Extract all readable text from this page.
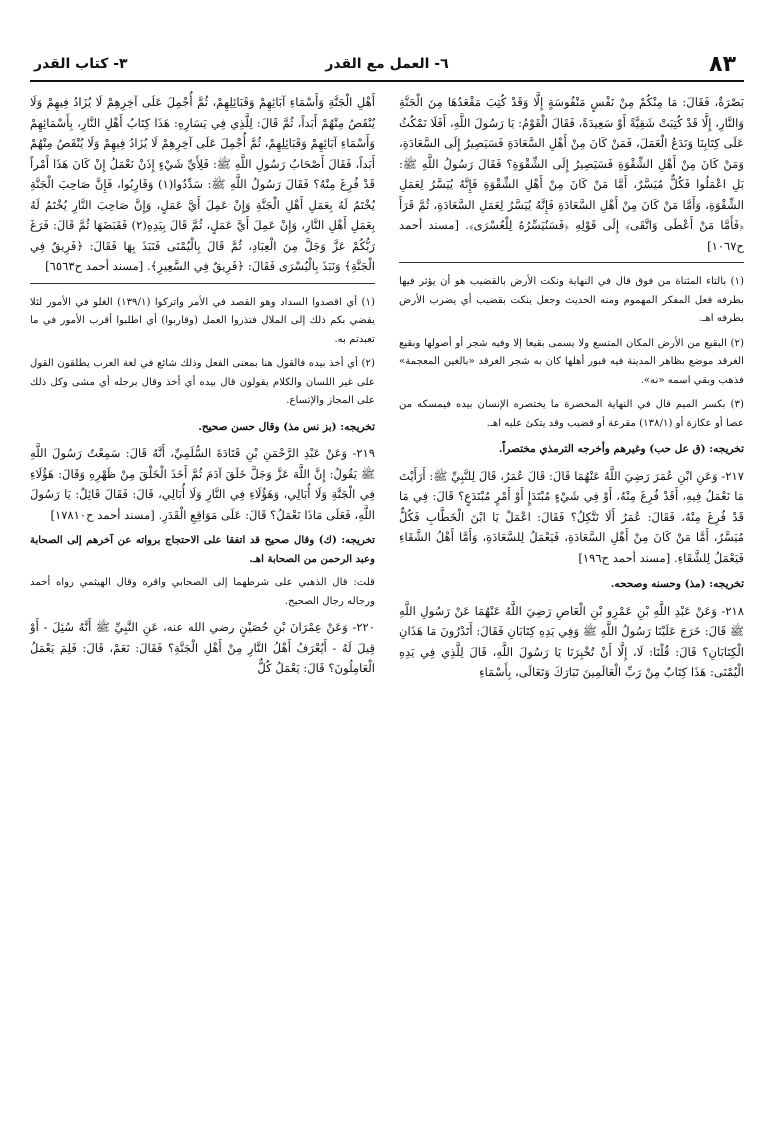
٨٣
٦- العمل مع القدر
٣- كتاب القدر

بَصْرَةٌ، فَقَالَ: مَا مِنْكُمْ مِنْ نَفْسٍ مَنْفُوسَةٍ إِلَّا وَقَدْ كُتِبَ مَقْعَدُهَا مِنَ الْجَنَّةِ وَالنَّارِ، إِلَّا قَدْ كُتِبَتْ شَقِيَّةً أَوْ سَعِيدَةً، فَقَالَ الْقَوْمُ: يَا رَسُولَ اللَّهِ، أَفَلَا نَمْكُثُ عَلَى كِتَابِنَا وَنَدَعُ الْعَمَلَ، فَمَنْ كَانَ مِنْ أَهْلِ السَّعَادَةِ فَسَيَصِيرُ إِلَى السَّعَادَةِ، وَمَنْ كَانَ مِنْ أَهْلِ الشِّقْوَةِ فَسَيَصِيرُ إِلَى الشِّقْوَةِ؟ فَقَالَ رَسُولُ اللَّهِ ﷺ: بَلِ اعْمَلُوا فَكُلٌّ مُيَسَّرٌ، أَمَّا مَنْ كَانَ مِنْ أَهْلِ الشِّقْوَةِ فَإِنَّهُ يُيَسَّرُ لِعَمَلِ الشِّقْوَةِ، وَأَمَّا مَنْ كَانَ مِنْ أَهْلِ السَّعَادَةِ فَإِنَّهُ يُيَسَّرُ لِعَمَلِ السَّعَادَةِ، ثُمَّ قَرَأَ ﴿فَأَمَّا مَنْ أَعْطَى وَاتَّقَى﴾ إِلَى قَوْلِهِ ﴿فَسَنُيَسِّرُهُ لِلْعُسْرَى﴾. [مسند أحمد ح١٠٦٧]

(١) بالتاء المثناة من فوق قال في النهاية ونكت الأرض بالقضيب هو أن يؤثر فيها بطرفه فعل المفكر المهموم ومنه الحديث وجعل ينكت بقضيب أي يضرب الأرض بطرفه اهـ.

(٢) البقيع من الأرض المكان المتسع ولا يسمى بقيعا إلا وفيه شجر أو أصولها وبقيع الغرقد موضع بظاهر المدينة فيه قبور أهلها كان به شجر الغرقد «بالغين المعجمة» فذهب وبقي اسمه «نه».

(٣) بكسر الميم قال في النهاية المخصرة ما يختصره الإنسان بيده فيمسكه من عصا أو عكازة أو (١٣٨/١) مقرعة أو قضيب وقد يتكئ عليه اهـ.

تخريجه: (ق عل حب) وغيرهم وأخرجه الترمذي مختصراً.

٢١٧- وَعَنِ ابْنِ عُمَرَ رَضِيَ اللَّهُ عَنْهُمَا قَالَ: قَالَ عُمَرُ، قَالَ لِلنَّبِيِّ ﷺ: أَرَأَيْتَ مَا نَعْمَلُ فِيهِ، أَقَدْ فُرِغَ مِنْهُ، أَوْ فِي شَيْءٍ مُبْتَدَإٍ أَوْ أَمْرٍ مُبْتَدَعٍ؟ قَالَ: فِي مَا قَدْ فُرِغَ مِنْهُ، فَقَالَ: عُمَرُ أَلَا نَتَّكِلُ؟ فَقَالَ: اعْمَلْ يَا ابْنَ الْخَطَّابِ فَكُلٌّ مُيَسَّرٌ، أَمَّا مَنْ كَانَ مِنْ أَهْلِ السَّعَادَةِ، فَيَعْمَلُ لِلسَّعَادَةِ، وَأَمَّا أَهْلُ الشَّقَاءِ فَيَعْمَلُ لِلشَّقَاءِ. [مسند أحمد ح١٩٦]

تخريجه: (مذ) وحسنه وصححه.

٢١٨- وَعَنْ عَبْدِ اللَّهِ بْنِ عَمْرِو بْنِ الْعَاصِ رَضِيَ اللَّهُ عَنْهُمَا عَنْ رَسُولِ اللَّهِ ﷺ قَالَ: خَرَجَ عَلَيْنَا رَسُولُ اللَّهِ ﷺ وَفِي يَدِهِ كِتَابَانِ فَقَالَ: أَتَدْرُونَ مَا هَذَانِ الْكِتَابَانِ؟ قَالَ: قُلْنَا: لَا، إِلَّا أَنْ تُخْبِرَنَا يَا رَسُولَ اللَّهِ، قَالَ لِلَّذِي فِي يَدِهِ الْيُمْنَى: هَذَا كِتَابٌ مِنْ رَبِّ الْعَالَمِينَ تَبَارَكَ وَتَعَالَى، بِأَسْمَاءِ

أَهْلِ الْجَنَّةِ وَأَسْمَاءِ آبَائِهِمْ وَقَبَائِلِهِمْ، ثُمَّ أُجْمِلَ عَلَى آخِرِهِمْ لَا يُزَادُ فِيهِمْ وَلَا يُنْقَصُ مِنْهُمْ أَبَداً، ثُمَّ قَالَ: لِلَّذِي فِي يَسَارِهِ: هَذَا كِتَابُ أَهْلِ النَّارِ، بِأَسْمَائِهِمْ وَأَسْمَاءِ آبَائِهِمْ وَقَبَائِلِهِمْ، ثُمَّ أُجْمِلَ عَلَى آخِرِهِمْ لَا يُزَادُ فِيهِمْ وَلَا يُنْقَصُ مِنْهُمْ أَبَداً، فَقَالَ أَصْحَابُ رَسُولِ اللَّهِ ﷺ: فَلِأَيِّ شَيْءٍ إِذَنْ نَعْمَلُ إِنْ كَانَ هَذَا أَمْراً قَدْ فُرِغَ مِنْهُ؟ فَقَالَ رَسُولُ اللَّهِ ﷺ: سَدِّدُوا(١) وَقَارِبُوا، فَإِنَّ صَاحِبَ الْجَنَّةِ يُخْتَمُ لَهُ بِعَمَلِ أَهْلِ الْجَنَّةِ وَإِنْ عَمِلَ أَيَّ عَمَلٍ، وَإِنَّ صَاحِبَ النَّارِ يُخْتَمُ لَهُ بِعَمَلِ أَهْلِ النَّارِ، وَإِنْ عَمِلَ أَيَّ عَمَلٍ، ثُمَّ قَالَ بِيَدِهِ(٢) فَقَبَضَهَا ثُمَّ قَالَ: فَرَغَ رَبُّكُمْ عَزَّ وَجَلَّ مِنَ الْعِبَادِ، ثُمَّ قَالَ بِالْيُمْنَى فَنَبَذَ بِهَا فَقَالَ: ﴿فَرِيقٌ فِي الْجَنَّةِ﴾ وَنَبَذَ بِالْيُسْرَى فَقَالَ: ﴿فَرِيقٌ فِي السَّعِيرِ﴾. [مسند أحمد ح٦٥٦٣]

(١) أي اقصدوا السداد وهو القصد في الأمر واتركوا (١٣٩/١) الغلو في الأمور لئلا يفضي بكم ذلك إلى الملال فتذروا العمل (وقاربوا) أي اطلبوا أقرب الأمور في ما تعبدتم به.

(٢) أي أخذ بيده فالقول هنا بمعنى الفعل وذلك شائع في لغة العرب يطلقون القول على غير اللسان والكلام يقولون قال بيده أي أخذ وقال برجله أي مشى وكل ذلك على المجاز والإتساع.

تخريجه: (بز نس مذ) وقال حسن صحيح.

٢١٩- وَعَنْ عَبْدِ الرَّحْمَنِ بْنِ قَتَادَةَ السُّلَمِيِّ، أَنَّهُ قَالَ: سَمِعْتُ رَسُولَ اللَّهِ ﷺ يَقُولُ: إِنَّ اللَّهَ عَزَّ وَجَلَّ خَلَقَ آدَمَ ثُمَّ أَخَذَ الْخَلْقَ مِنْ ظَهْرِهِ وَقَالَ: هَؤُلَاءِ فِي الْجَنَّةِ وَلَا أُبَالِي، وَهَؤُلَاءِ فِي النَّارِ وَلَا أُبَالِي، قَالَ: فَقَالَ قَائِلٌ: يَا رَسُولَ اللَّهِ، فَعَلَى مَاذَا نَعْمَلُ؟ قَالَ: عَلَى مَوَاقِعِ الْقَدَرِ. [مسند أحمد ح١٧٨١٠]

تخريجه: (ك) وقال صحيح قد اتفقا على الاحتجاج برواته عن آخرهم إلى الصحابة وعبد الرحمن من الصحابة اهـ.

قلت: قال الذهبي على شرطهما إلى الصحابي واقره وقال الهيثمي رواه أحمد ورجاله رجال الصحيح.

٢٢٠- وَعَنْ عِمْرَانَ بْنِ حُصَيْنٍ رضي الله عنه، عَنِ النَّبِيِّ ﷺ أَنَّهُ سُئِلَ - أَوْ قِيلَ لَهُ - أَيُعْرَفُ أَهْلُ النَّارِ مِنْ أَهْلِ الْجَنَّةِ؟ فَقَالَ: نَعَمْ، قَالَ: فَلِمَ يَعْمَلُ الْعَامِلُونَ؟ قَالَ: يَعْمَلُ كُلٌّ
